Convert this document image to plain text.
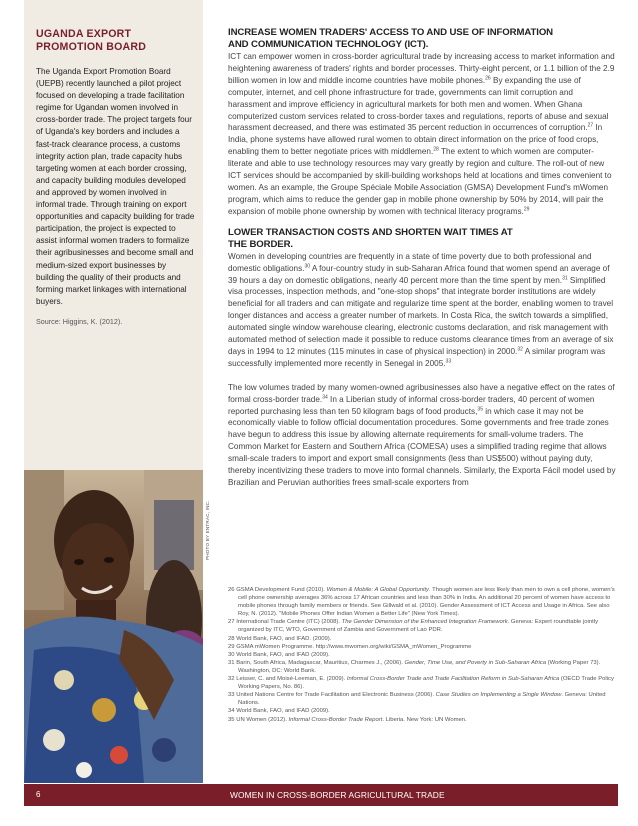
UGANDA EXPORT
PROMOTION BOARD
The Uganda Export Promotion Board (UEPB) recently launched a pilot project focused on developing a trade facilitation regime for Ugandan women involved in cross-border trade. The project targets four of Uganda's key borders and includes a fast-track clearance process, a customs integrity action plan, trade capacity hubs targeting women at each border crossing, and capacity building modules developed and approved by women involved in informal trade. Through training on export opportunities and capacity building for trade participation, the project is expected to assist informal women traders to formalize their agribusinesses and become small and medium-sized export businesses by building the quality of their products and forming market linkages with international buyers.
Source: Higgins, K. (2012).
PHOTO BY ENTRAC, INC.
INCREASE WOMEN TRADERS' ACCESS TO AND USE OF INFORMATION
AND COMMUNICATION TECHNOLOGY (ICT).

ICT can empower women in cross-border agricultural trade by increasing access to market information and heightening awareness of traders' rights and border processes. Thirty-eight percent, or 1.1 billion of the 2.9 billion women in low and middle income countries have mobile phones.$^{26}$ By expanding the use of computer, internet, and cell phone infrastructure for trade, governments can limit corruption and harassment and improve efficiency in agricultural markets for both men and women. When Ghana computerized custom services related to cross-border taxes and regulations, reports of abuse and sexual harassment decreased, and there was estimated 35 percent reduction in occurrences of corruption.$^{27}$ In India, phone systems have allowed rural women to obtain direct information on the price of food crops, enabling them to better negotiate prices with middlemen.$^{28}$ The extent to which women are computer-literate and able to use technology resources may vary greatly by region and culture. The roll-out of new ICT services should be accompanied by skill-building workshops held at locations and times convenient to women. As an example, the Groupe Spéciale Mobile Association (GMSA) Development Fund's mWomen program, which aims to reduce the gender gap in mobile phone ownership by 50% by 2014, will pair the expansion of mobile phone ownership by women with technical literacy programs.$^{29}$

LOWER TRANSACTION COSTS AND SHORTEN WAIT TIMES AT
THE BORDER.

Women in developing countries are frequently in a state of time poverty due to both professional and domestic obligations.$^{30}$ A four-country study in sub-Saharan Africa found that women spend an average of 39 hours a day on domestic obligations, nearly 40 percent more than the time spent by men.$^{31}$ Simplified visa processes, inspection methods, and "one-stop shops" that integrate border institutions are widely beneficial for all traders and can mitigate and regularize time spent at the border, enabling women to travel longer distances and access a greater number of markets. In Costa Rica, the switch towards a simplified, automated single window warehouse clearing, electronic customs declaration, and risk management with automated method of selection made it possible to reduce customs clearance times from an average of six days in 1994 to 12 minutes (115 minutes in case of physical inspection) in 2000.32 A similar program was successfully implemented more recently in Senegal in 2005.33

The low volumes traded by many women-owned agribusinesses also have a negative effect on the rates of formal cross-border trade.$^{34}$ In a Liberian study of informal cross-border traders, 40 percent of women reported purchasing less than ten 50 kilogram bags of food products,$^{35}$ in which case it may not be economically viable to follow official documentation procedures. Some governments and free trade zones have begun to address this issue by allowing alternate requirements for small-volume traders. The Common Market for Eastern and Southern Africa (COMESA) uses a simplified trading regime that allows small-scale traders to import and export small consignments (less than US$500) without paying duty, thereby incentivizing these traders to move into formal channels. Similarly, the Exporta Fácil model used by Brazilian and Peruvian authorities frees small-scale exporters from

26 GSMA Development Fund (2010). Women & Mobile: A Global Opportunity. Though women are less likely than men to own a cell phone, women's cell phone ownership averages 36% across 17 African countries and less than 30% in India. An additional 20 percent of women have access to mobile phones through family members or friends. See Gillwald et al. (2010). Gender Assessment of ICT Access and Usage in Africa. See also Roy, N. (2012). "Mobile Phones Offer Indian Women a Better Life" (New York Times).
27 International Trade Centre (ITC) (2008). The Gender Dimension of the Enhanced Integration Framework. Geneva: Expert roundtable jointly organized by ITC, WTO, Government of Zambia and Government of Lao PDR.
28 World Bank, FAO, and IFAD. (2009).
29 GSMA mWomen Programme. http://www.mwomen.org/wiki/GSMA_mWomen_Programme
30 World Bank, FAO, and IFAD (2009).
31 Barin, South Africa, Madagascar, Mauritius, Charmes J., (2006). Gender, Time Use, and Poverty in Sub-Saharan Africa (Working Paper 73). Washington, DC: World Bank.
32 Leisser, C. and Moisé-Leeman, E. (2009). Informal Cross-Border Trade and Trade Facilitation Reform in Sub-Saharan Africa (OECD Trade Policy Working Papers, No. 86).
33 United Nations Centre for Trade Facilitation and Electronic Business (2006). Case Studies on Implementing a Single Window. Geneva: United Nations.
34 World Bank, FAO, and IFAD (2009).
35 UN Women (2012). Informal Cross-Border Trade Report. Liberia. New York: UN Women.
6	WOMEN IN CROSS-BORDER AGRICULTURAL TRADE
